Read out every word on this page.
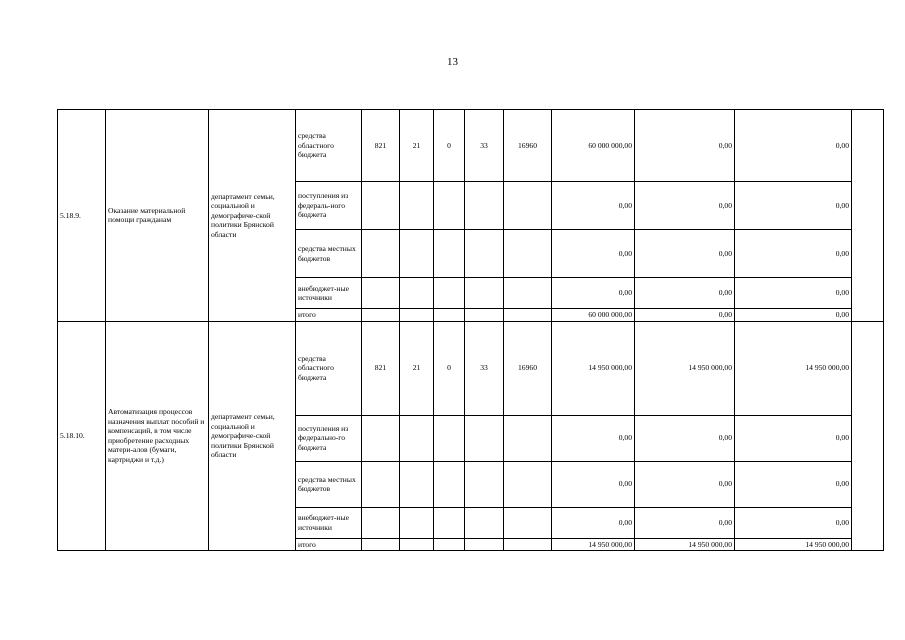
13
5.18.9.	Оказание материальной помощи гражданам	департамент семьи, социальной и демографиче-ской политики Брянской области	средства областного бюджета	821	21	0	33	16960	60 000 000,00	0,00	0,00	
			поступления из федераль-ного бюджета						0,00	0,00	0,00	
			средства местных бюджетов						0,00	0,00	0,00	
			внебюджет-ные источники						0,00	0,00	0,00	
			итого						60 000 000,00	0,00	0,00	
5.18.10.	Автоматизация процессов назначения выплат пособий и компенсаций, в том числе приобретение расходных матери-алов (бумаги, картриджи и т.д.)	департамент семьи, социальной и демографиче-ской политики Брянской области	средства областного бюджета	821	21	0	33	16960	14 950 000,00	14 950 000,00	14 950 000,00	
			поступления из федерально-го бюджета						0,00	0,00	0,00	
			средства местных бюджетов						0,00	0,00	0,00	
			внебюджет-ные источники						0,00	0,00	0,00	
			итого						14 950 000,00	14 950 000,00	14 950 000,00	
